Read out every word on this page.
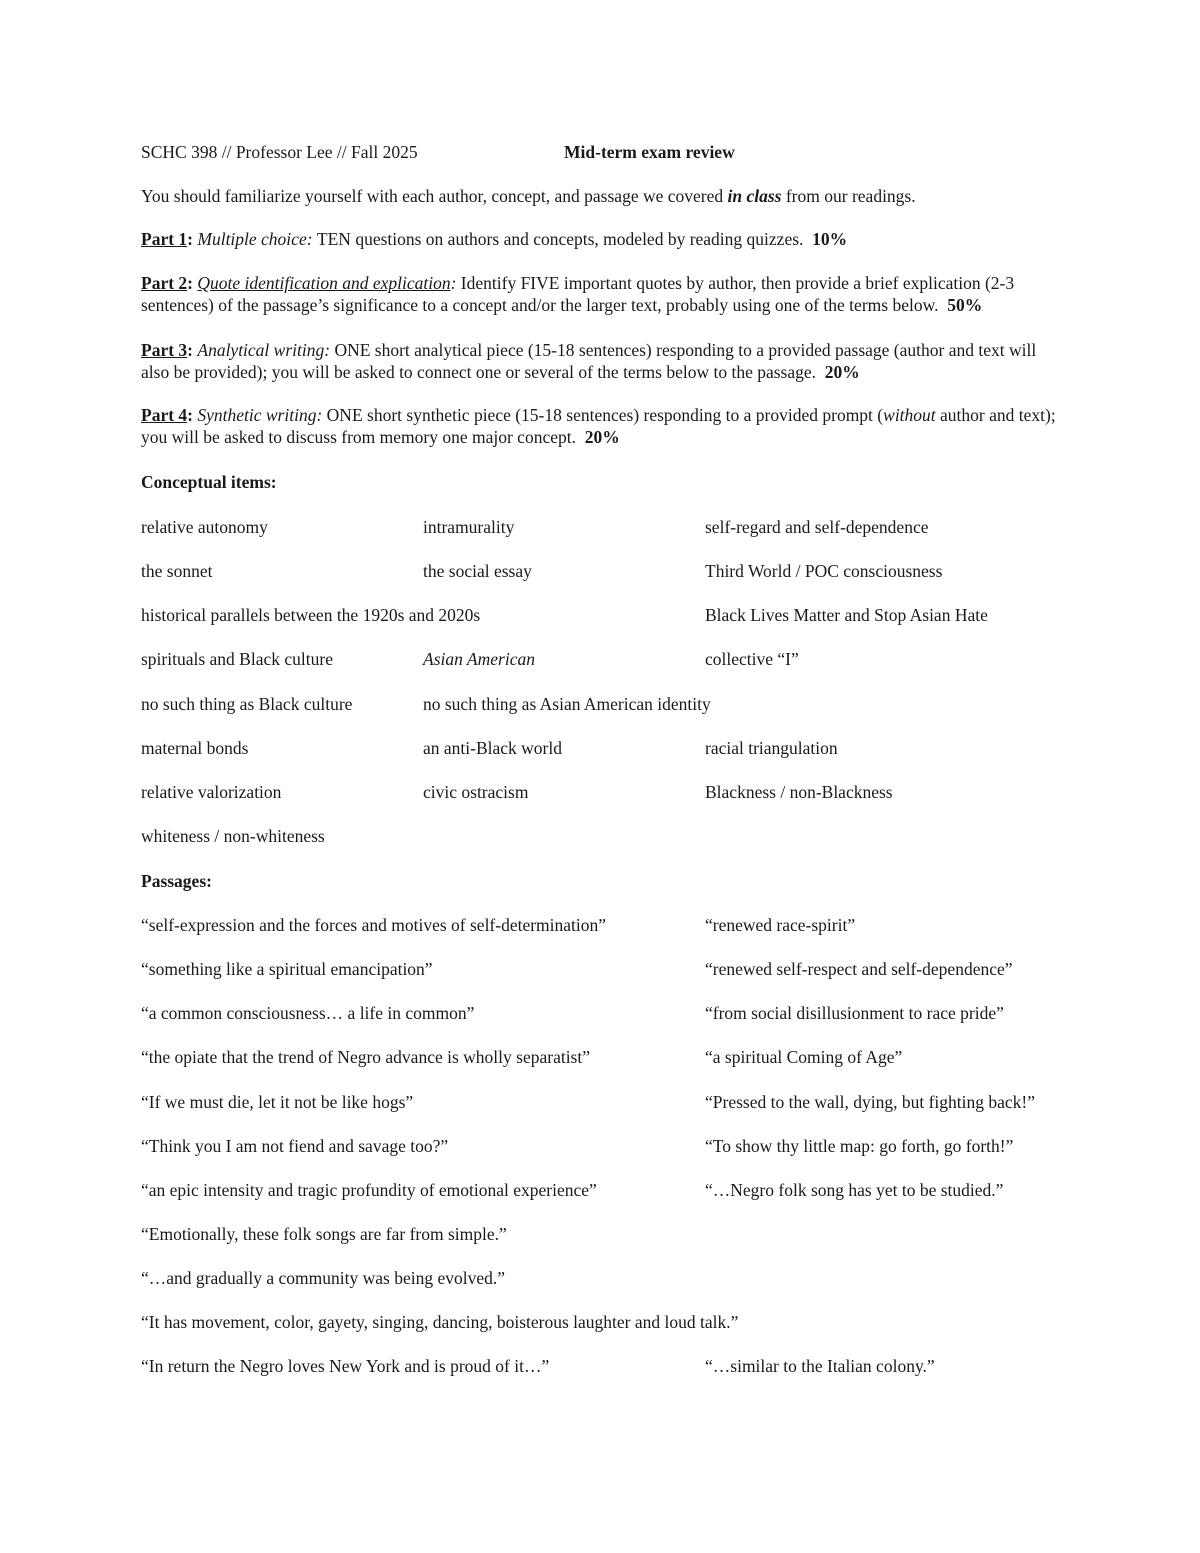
SCHC 398 // Professor Lee // Fall 2025	Mid-term exam review
You should familiarize yourself with each author, concept, and passage we covered in class from our readings.
Part 1: Multiple choice: TEN questions on authors and concepts, modeled by reading quizzes. 10%
Part 2: Quote identification and explication: Identify FIVE important quotes by author, then provide a brief explication (2-3 sentences) of the passage’s significance to a concept and/or the larger text, probably using one of the terms below. 50%
Part 3: Analytical writing: ONE short analytical piece (15-18 sentences) responding to a provided passage (author and text will also be provided); you will be asked to connect one or several of the terms below to the passage. 20%
Part 4: Synthetic writing: ONE short synthetic piece (15-18 sentences) responding to a provided prompt (without author and text); you will be asked to discuss from memory one major concept. 20%
Conceptual items:
relative autonomy	intramurality	self-regard and self-dependence
the sonnet	the social essay	Third World / POC consciousness
historical parallels between the 1920s and 2020s	Black Lives Matter and Stop Asian Hate
spirituals and Black culture	Asian American	collective “I”
no such thing as Black culture	no such thing as Asian American identity
maternal bonds	an anti-Black world	racial triangulation
relative valorization	civic ostracism	Blackness / non-Blackness
whiteness / non-whiteness
Passages:
“self-expression and the forces and motives of self-determination”	“renewed race-spirit”
“something like a spiritual emancipation”	“renewed self-respect and self-dependence”
“a common consciousness… a life in common”	“from social disillusionment to race pride”
“the opiate that the trend of Negro advance is wholly separatist”	“a spiritual Coming of Age”
“If we must die, let it not be like hogs”	“Pressed to the wall, dying, but fighting back!”
“Think you I am not fiend and savage too?”	“To show thy little map: go forth, go forth!”
“an epic intensity and tragic profundity of emotional experience”	“…Negro folk song has yet to be studied.”
“Emotionally, these folk songs are far from simple.”
“…and gradually a community was being evolved.”
“It has movement, color, gayety, singing, dancing, boisterous laughter and loud talk.”
“In return the Negro loves New York and is proud of it…”	“…similar to the Italian colony.”
